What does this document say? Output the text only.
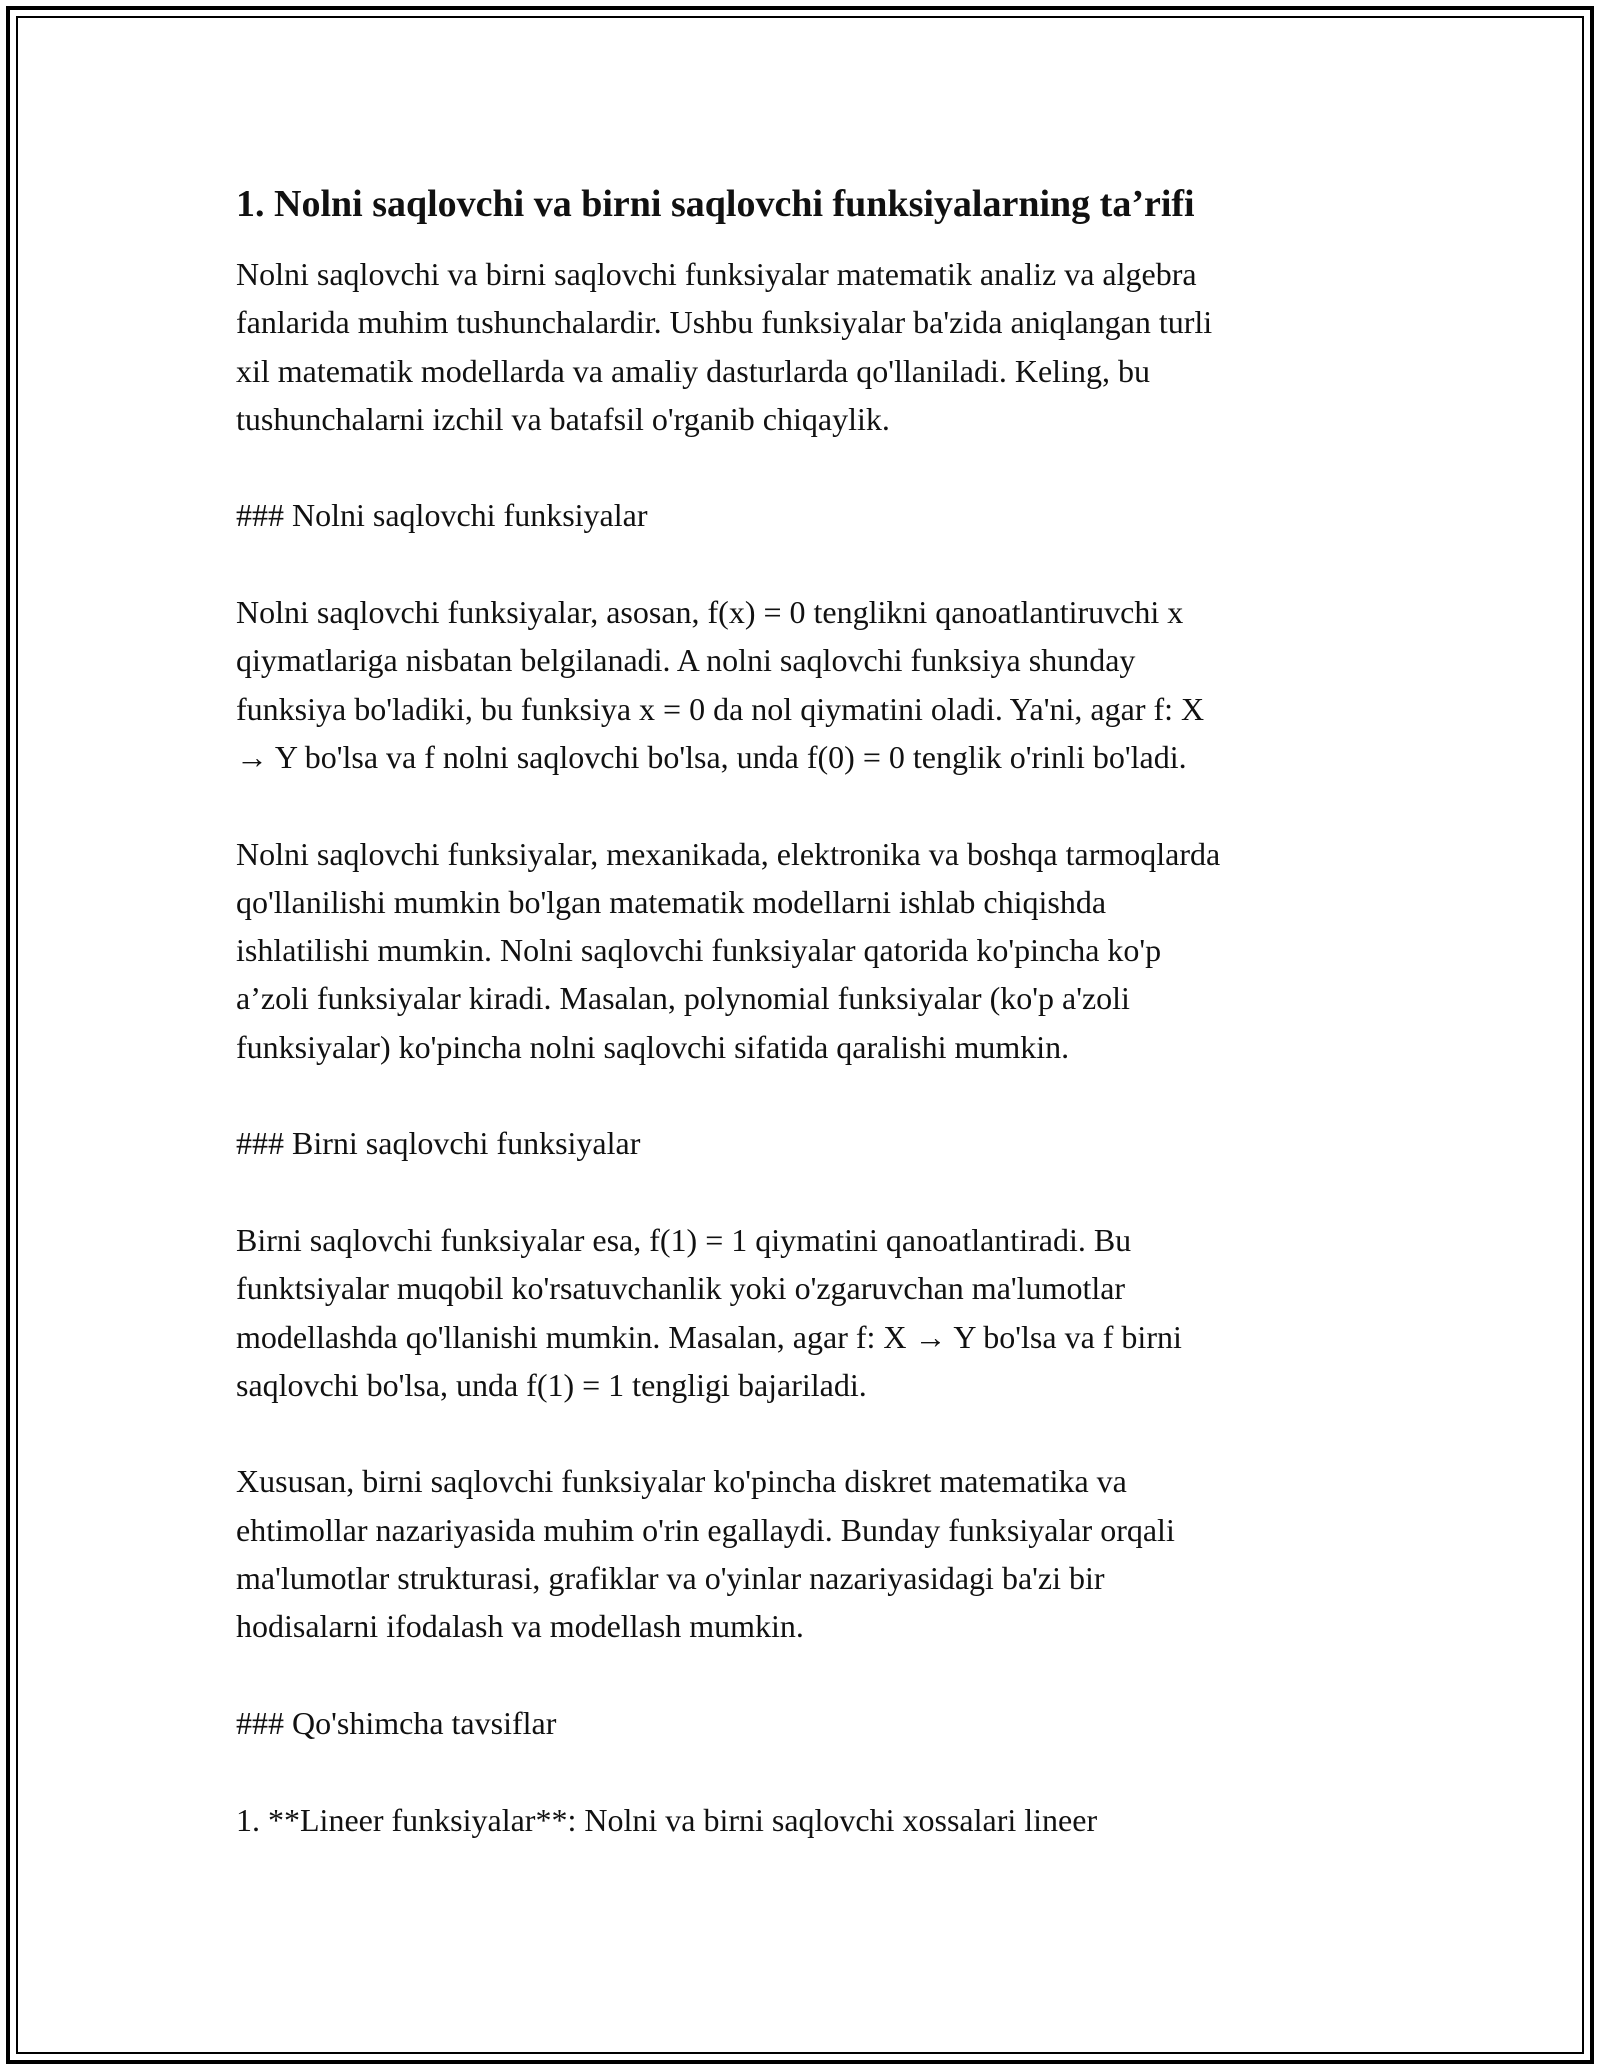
1. Nolni saqlovchi va birni saqlovchi funksiyalarning ta’rifi

Nolni saqlovchi va birni saqlovchi funksiyalar matematik analiz va algebra
fanlarida muhim tushunchalardir. Ushbu funksiyalar ba'zida aniqlangan turli
xil matematik modellarda va amaliy dasturlarda qo'llaniladi. Keling, bu
tushunchalarni izchil va batafsil o'rganib chiqaylik.

### Nolni saqlovchi funksiyalar

Nolni saqlovchi funksiyalar, asosan, f(x) = 0 tenglikni qanoatlantiruvchi x
qiymatlariga nisbatan belgilanadi. A nolni saqlovchi funksiya shunday
funksiya bo'ladiki, bu funksiya x = 0 da nol qiymatini oladi. Ya'ni, agar f: X
→ Y bo'lsa va f nolni saqlovchi bo'lsa, unda f(0) = 0 tenglik o'rinli bo'ladi.

Nolni saqlovchi funksiyalar, mexanikada, elektronika va boshqa tarmoqlarda
qo'llanilishi mumkin bo'lgan matematik modellarni ishlab chiqishda
ishlatilishi mumkin. Nolni saqlovchi funksiyalar qatorida ko'pincha ko'p
a’zoli funksiyalar kiradi. Masalan, polynomial funksiyalar (ko'p a'zoli
funksiyalar) ko'pincha nolni saqlovchi sifatida qaralishi mumkin.

### Birni saqlovchi funksiyalar

Birni saqlovchi funksiyalar esa, f(1) = 1 qiymatini qanoatlantiradi. Bu
funktsiyalar muqobil ko'rsatuvchanlik yoki o'zgaruvchan ma'lumotlar
modellashda qo'llanishi mumkin. Masalan, agar f: X → Y bo'lsa va f birni
saqlovchi bo'lsa, unda f(1) = 1 tengligi bajariladi.

Xususan, birni saqlovchi funksiyalar ko'pincha diskret matematika va
ehtimollar nazariyasida muhim o'rin egallaydi. Bunday funksiyalar orqali
ma'lumotlar strukturasi, grafiklar va o'yinlar nazariyasidagi ba'zi bir
hodisalarni ifodalash va modellash mumkin.

### Qo'shimcha tavsiflar

1. **Lineer funksiyalar**: Nolni va birni saqlovchi xossalari lineer
